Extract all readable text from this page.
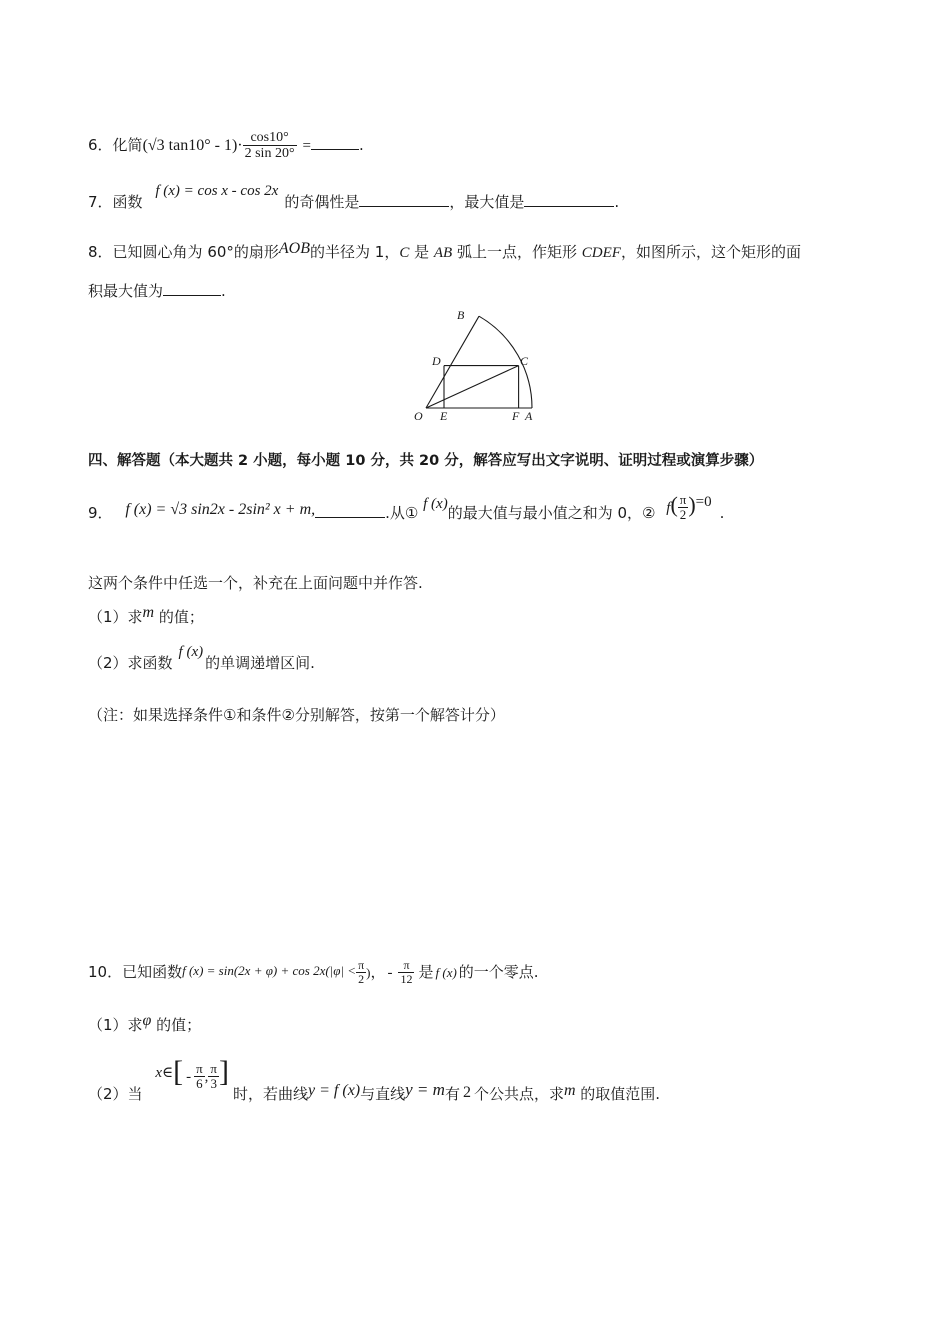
6．化简(√3 $\tan 10^\circ - 1)\cdot \frac{\cos 10^\circ}{2 \sin 20^\circ}$ =	.
7．函数 f (x) = cos x - cos 2x的奇偶性是	，最大值是	.
8．已知圆心角为 60°的扇形AOB的半径为 1，C 是 AB 弧上一点，作矩形 CDEF，如图所示，这个矩形的面
积最大值为	.
B
D	C
O E	F A
四、解答题（本大题共 2 小题，每小题 10 分，共 20 分，解答应写出文字说明、证明过程或演算步骤）
9． f (x) = √3 sin2x - 2sin² x + m,	.从① f (x)的最大值与最小值之和为 0，② $f( \frac{\pi}{2} )=0$.
这两个条件中任选一个，补充在上面问题中并作答.
（1）求m 的值；
（2）求函数f (x)的单调递增区间.
（注：如果选择条件①和条件②分别解答，按第一个解答计分）
10．已知函数f $(x) = \sin(2x + \varphi) + \cos 2x(|\varphi| < \frac{\pi}{2}$ )， - $\frac{\pi}{12}$ 是 f (x) 的一个零点.
（1）求φ 的值；
（2）当 x∈[ - $\frac{\pi}{6}$ , $\frac{\pi}{3}$ ]时，若曲线y = f (x)与直线y = m有 2 个公共点，求m 的取值范围.
